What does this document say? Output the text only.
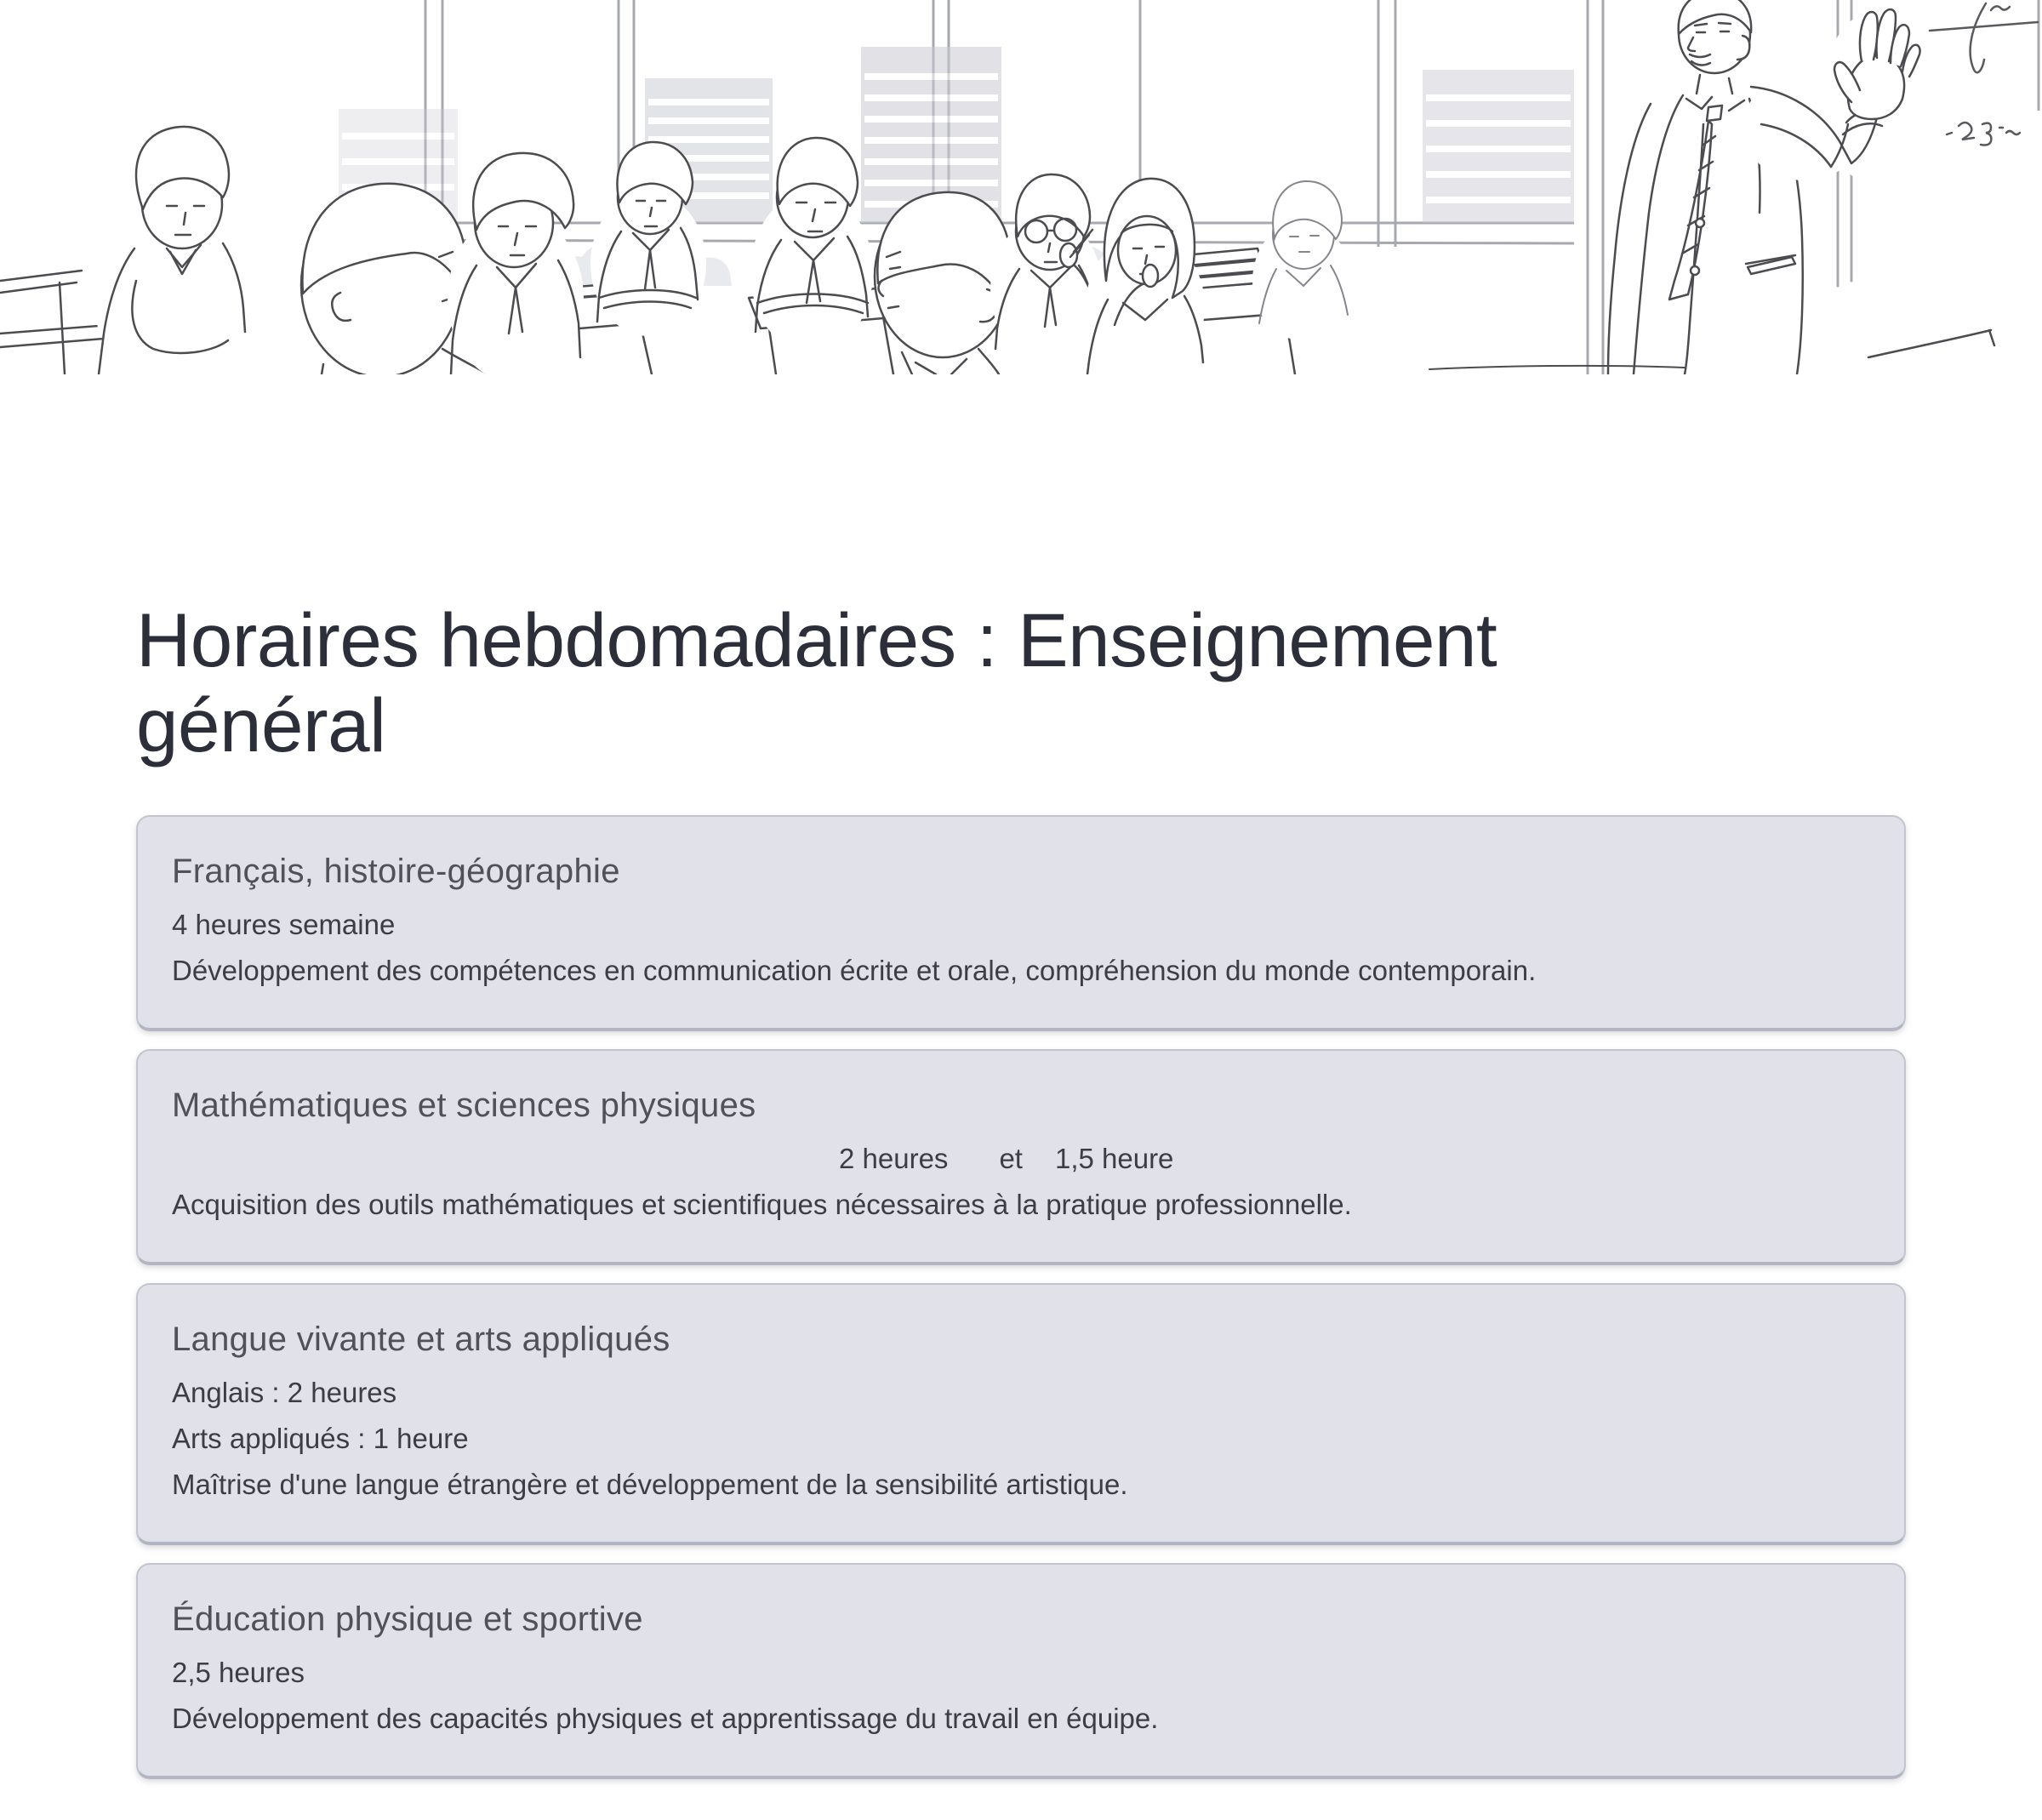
Horaires hebdomadaires : Enseignement général
Français, histoire-géographie

4 heures semaine

Développement des compétences en communication écrite et orale, compréhension du monde contemporain.

Mathématiques et sciences physiques

2 heures et 1,5 heure

Acquisition des outils mathématiques et scientifiques nécessaires à la pratique professionnelle.

Langue vivante et arts appliqués

Anglais : 2 heures

Arts appliqués : 1 heure

Maîtrise d'une langue étrangère et développement de la sensibilité artistique.

Éducation physique et sportive

2,5 heures

Développement des capacités physiques et apprentissage du travail en équipe.
